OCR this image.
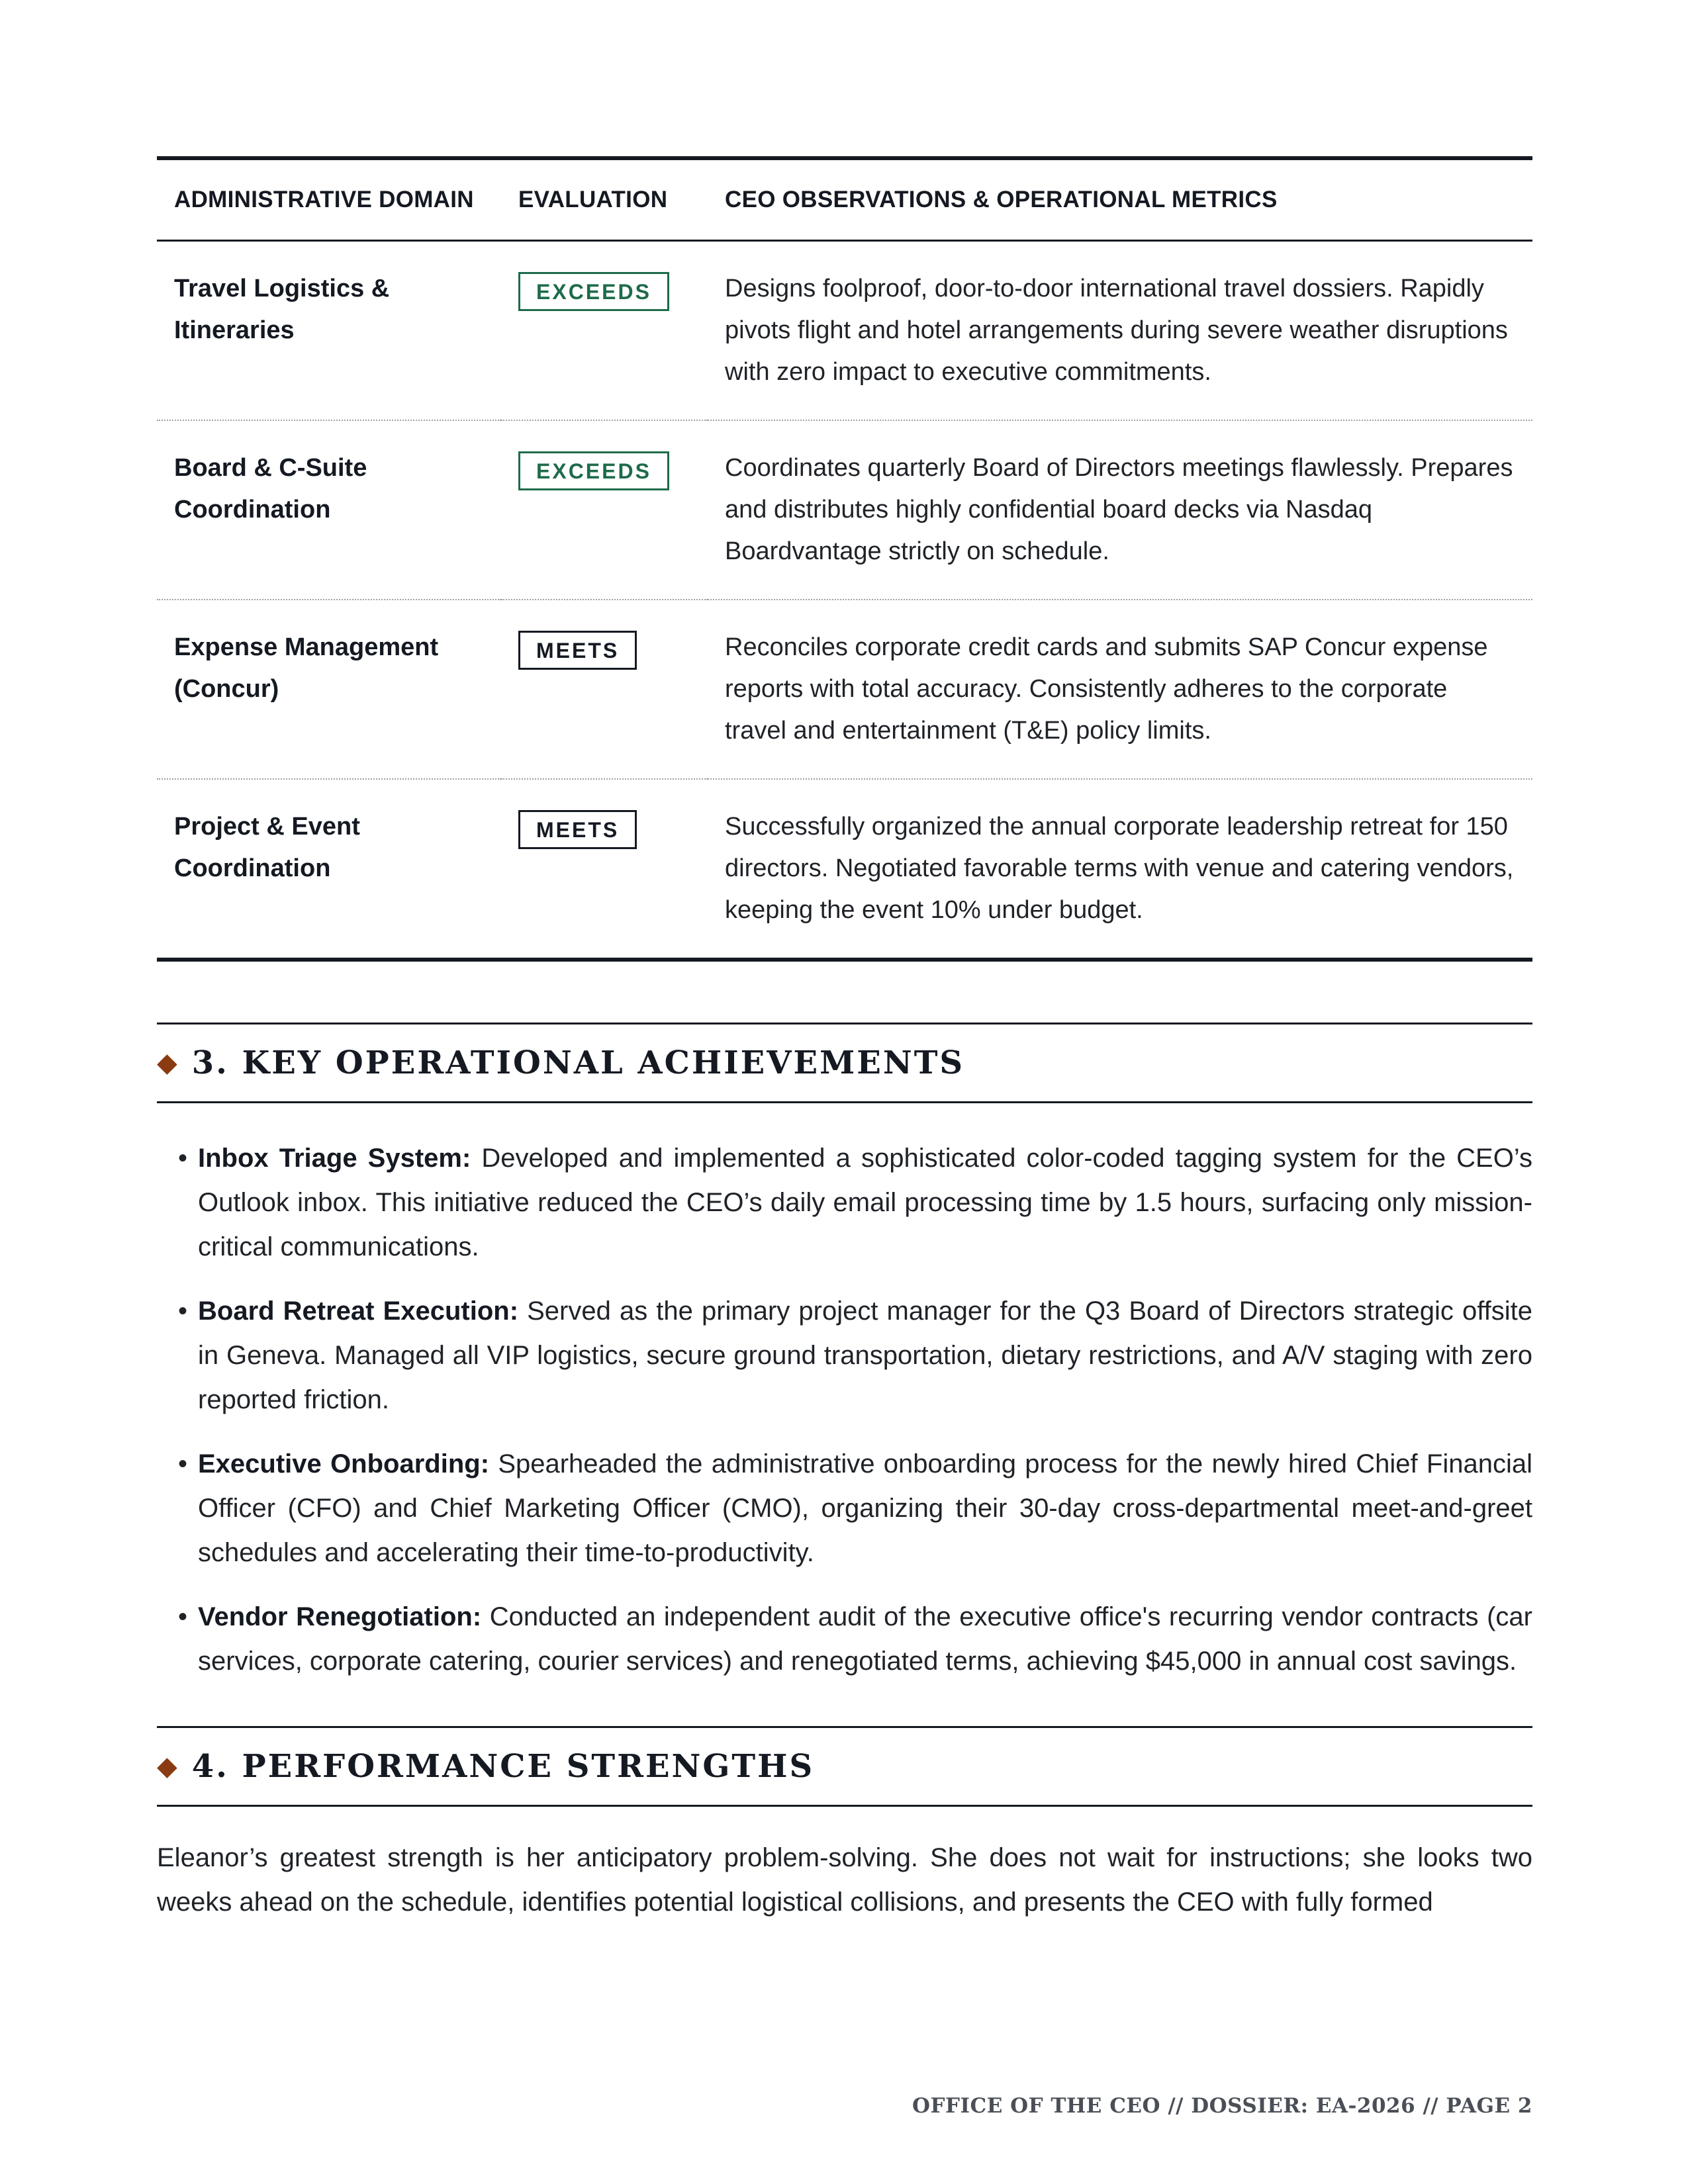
ADMINISTRATIVE DOMAIN	EVALUATION	CEO OBSERVATIONS & OPERATIONAL METRICS
Travel Logistics & Itineraries	EXCEEDS	Designs foolproof, door-to-door international travel dossiers. Rapidly pivots flight and hotel arrangements during severe weather disruptions with zero impact to executive commitments.
Board & C-Suite Coordination	EXCEEDS	Coordinates quarterly Board of Directors meetings flawlessly. Prepares and distributes highly confidential board decks via Nasdaq Boardvantage strictly on schedule.
Expense Management (Concur)	MEETS	Reconciles corporate credit cards and submits SAP Concur expense reports with total accuracy. Consistently adheres to the corporate travel and entertainment (T&E) policy limits.
Project & Event Coordination	MEETS	Successfully organized the annual corporate leadership retreat for 150 directors. Negotiated favorable terms with venue and catering vendors, keeping the event 10% under budget.
◆ 3. KEY OPERATIONAL ACHIEVEMENTS
• Inbox Triage System: Developed and implemented a sophisticated color-coded tagging system for the CEO’s Outlook inbox. This initiative reduced the CEO’s daily email processing time by 1.5 hours, surfacing only mission-critical communications.
• Board Retreat Execution: Served as the primary project manager for the Q3 Board of Directors strategic offsite in Geneva. Managed all VIP logistics, secure ground transportation, dietary restrictions, and A/V staging with zero reported friction.
• Executive Onboarding: Spearheaded the administrative onboarding process for the newly hired Chief Financial Officer (CFO) and Chief Marketing Officer (CMO), organizing their 30-day cross-departmental meet-and-greet schedules and accelerating their time-to-productivity.
• Vendor Renegotiation: Conducted an independent audit of the executive office's recurring vendor contracts (car services, corporate catering, courier services) and renegotiated terms, achieving $45,000 in annual cost savings.
◆ 4. PERFORMANCE STRENGTHS

Eleanor’s greatest strength is her anticipatory problem-solving. She does not wait for instructions; she looks two weeks ahead on the schedule, identifies potential logistical collisions, and presents the CEO with fully formed

OFFICE OF THE CEO // DOSSIER: EA-2026 // PAGE 2
